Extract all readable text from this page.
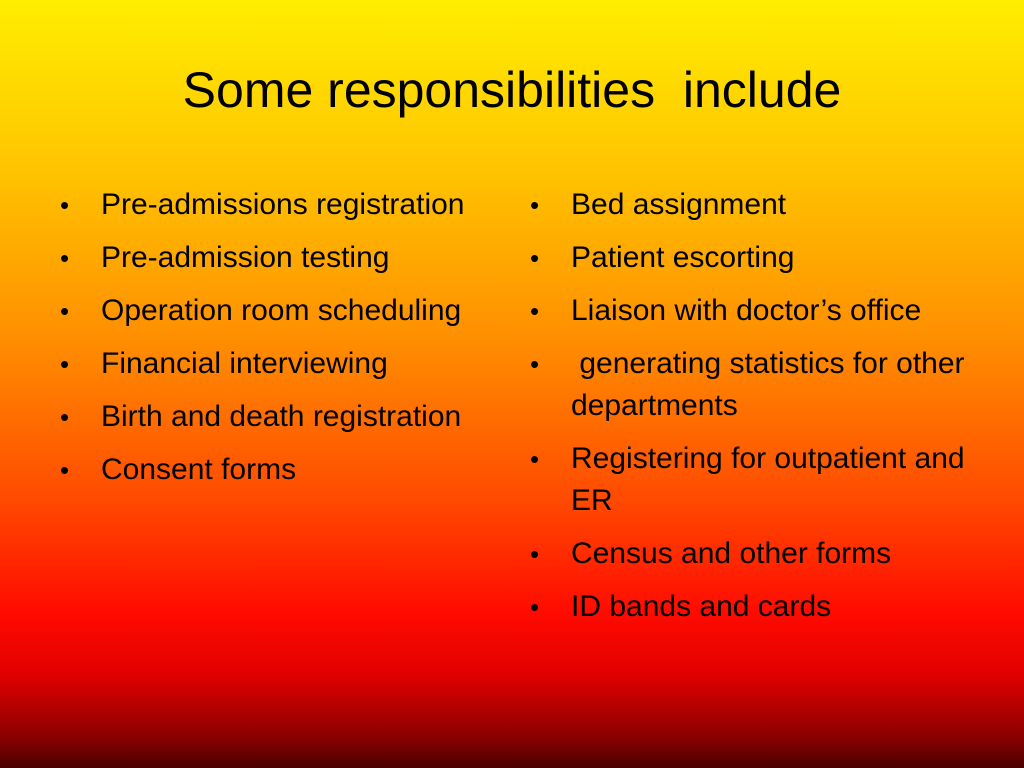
Some responsibilities  include
• Pre-admissions registration
• Pre-admission testing
• Operation room scheduling
• Financial interviewing
• Birth and death registration
• Consent forms
• Bed assignment
• Patient escorting
• Liaison with doctor’s office
• generating statistics for other departments
• Registering for outpatient and ER
• Census and other forms
• ID bands and cards
